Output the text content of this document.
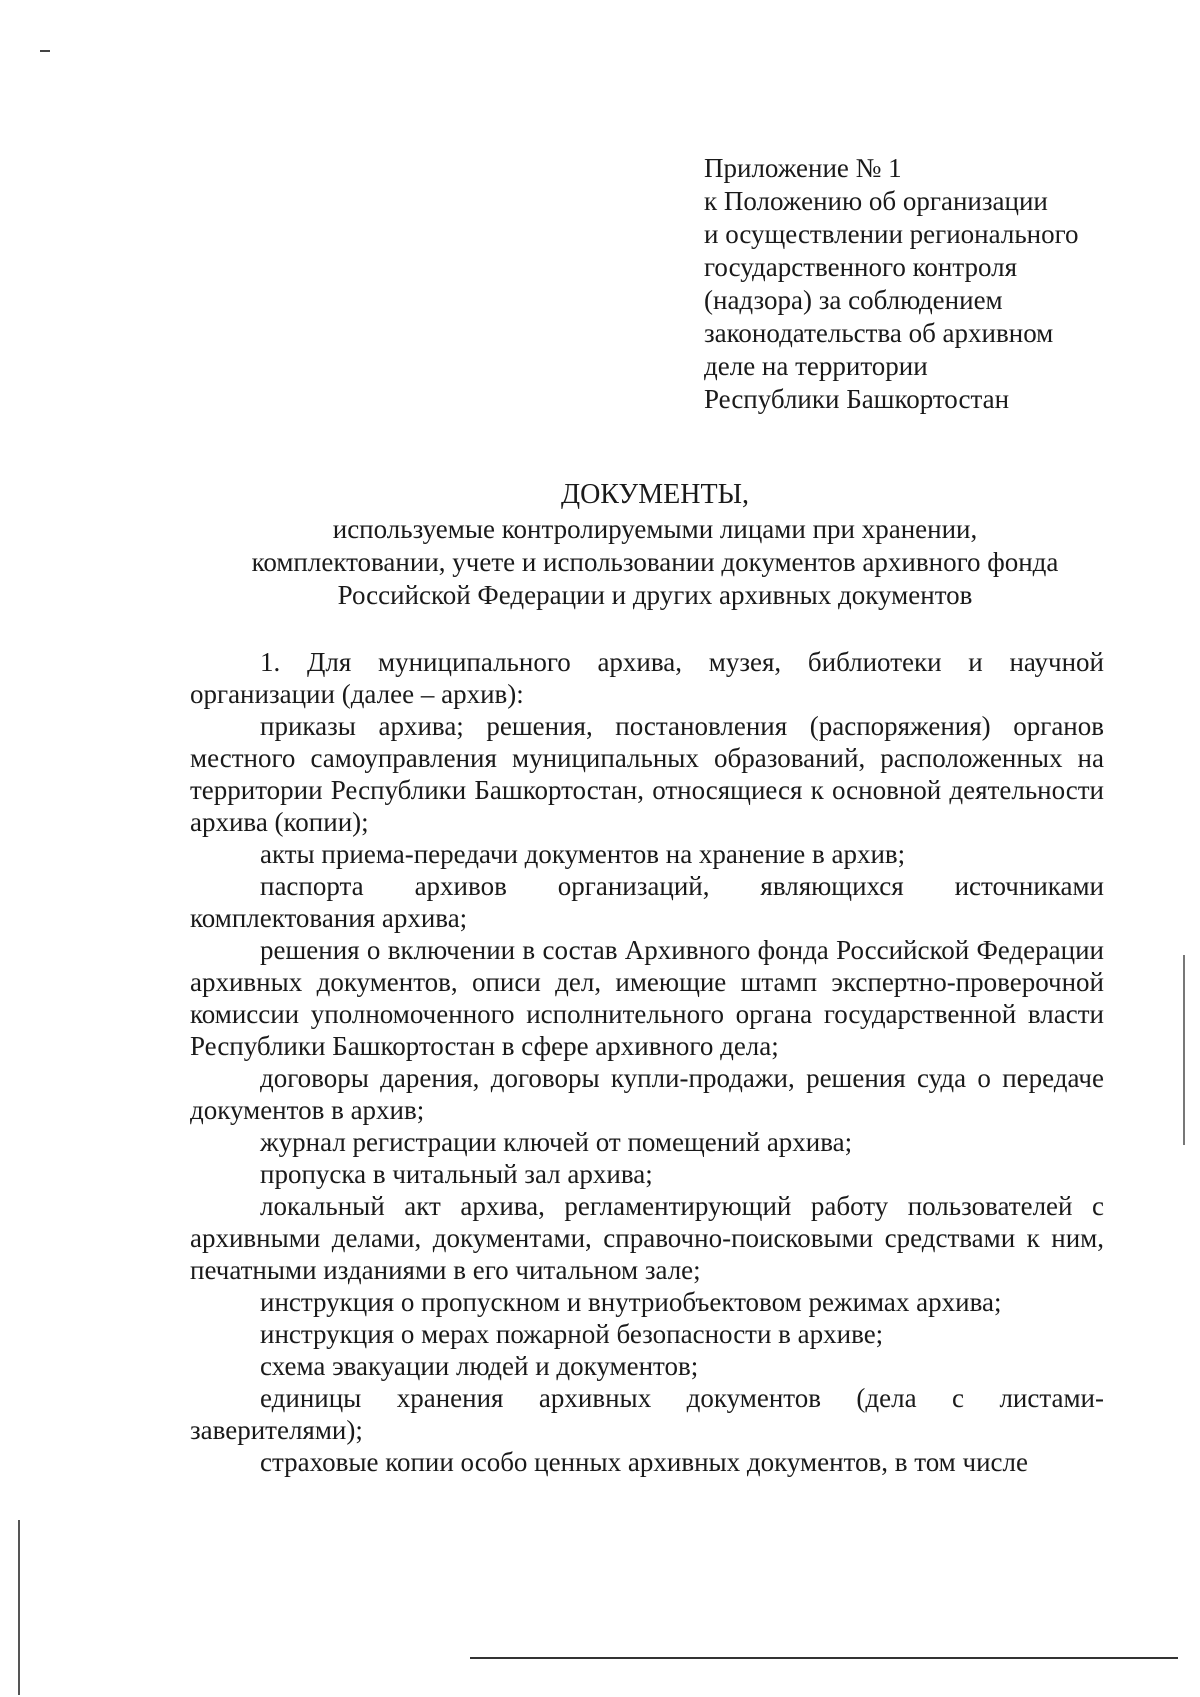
Приложение № 1
к Положению об организации
и осуществлении регионального
государственного контроля
(надзора) за соблюдением
законодательства об архивном
деле на территории
Республики Башкортостан
ДОКУМЕНТЫ,
используемые контролируемыми лицами при хранении,
комплектовании, учете и использовании документов архивного фонда
Российской Федерации и других архивных документов

1. Для муниципального архива, музея, библиотеки и научной организации (далее – архив):

приказы архива; решения, постановления (распоряжения) органов местного самоуправления муниципальных образований, расположенных на территории Республики Башкортостан, относящиеся к основной деятельности архива (копии);

акты приема-передачи документов на хранение в архив;

паспорта архивов организаций, являющихся источниками комплектования архива;

решения о включении в состав Архивного фонда Российской Федерации архивных документов, описи дел, имеющие штамп экспертно-проверочной комиссии уполномоченного исполнительного органа государственной власти Республики Башкортостан в сфере архивного дела;

договоры дарения, договоры купли-продажи, решения суда о передаче документов в архив;

журнал регистрации ключей от помещений архива;

пропуска в читальный зал архива;

локальный акт архива, регламентирующий работу пользователей с архивными делами, документами, справочно-поисковыми средствами к ним, печатными изданиями в его читальном зале;

инструкция о пропускном и внутриобъектовом режимах архива;

инструкция о мерах пожарной безопасности в архиве;

схема эвакуации людей и документов;

единицы хранения архивных документов (дела с листами-заверителями);

страховые копии особо ценных архивных документов, в том числе
